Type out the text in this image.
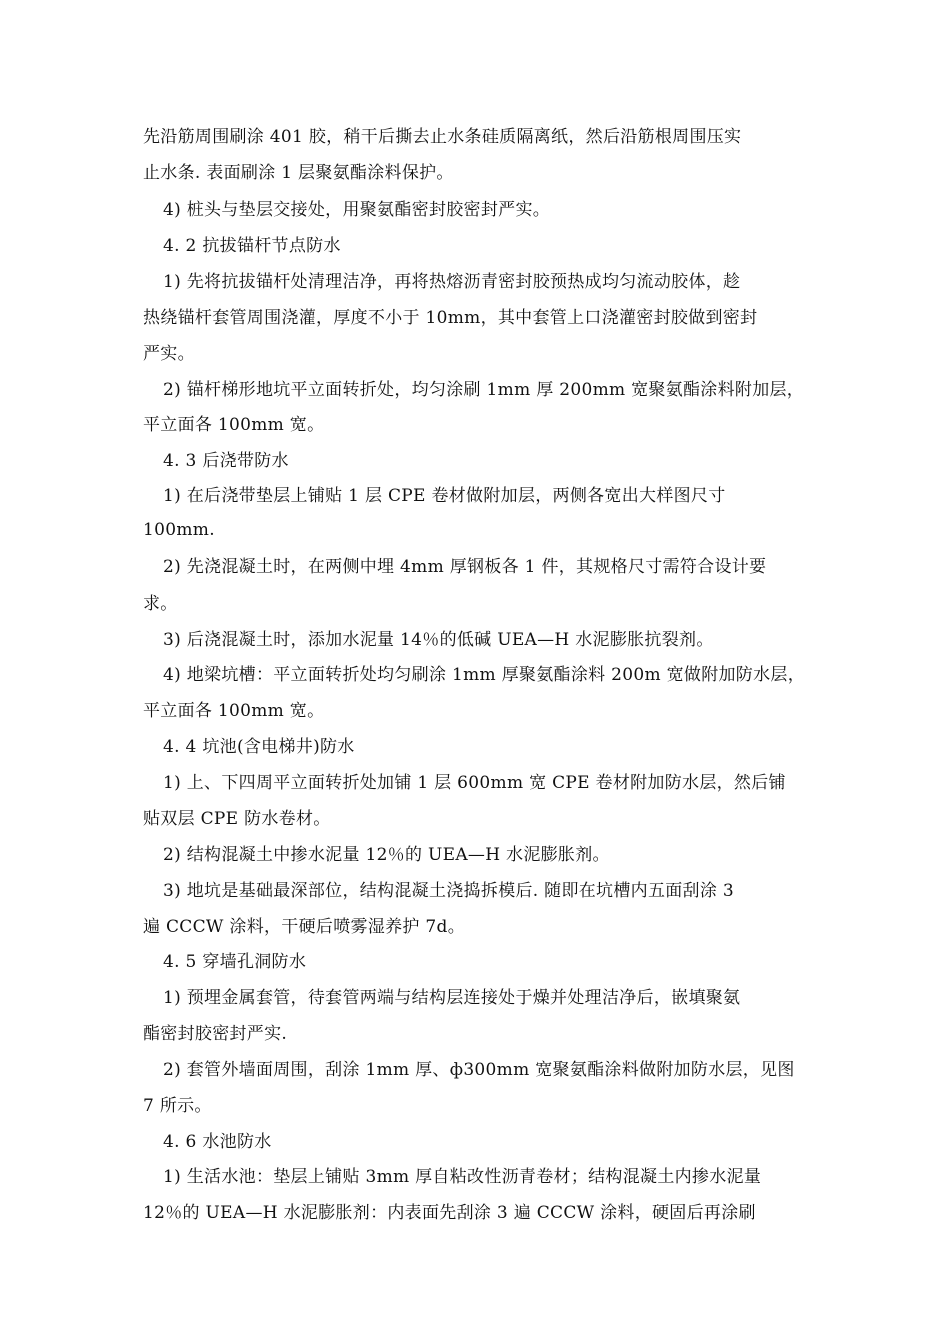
先沿筋周围刷涂 401 胶，稍干后撕去止水条硅质隔离纸，然后沿筋根周围压实
止水条. 表面刷涂 1 层聚氨酯涂料保护。
4) 桩头与垫层交接处，用聚氨酯密封胶密封严实。
4. 2 抗拔锚杆节点防水
1) 先将抗拔锚杆处清理洁净，再将热熔沥青密封胶预热成均匀流动胶体，趁
热绕锚杆套管周围浇灌，厚度不小于 10mm，其中套管上口浇灌密封胶做到密封
严实。
2) 锚杆梯形地坑平立面转折处，均匀涂刷 1mm 厚 200mm 宽聚氨酯涂料附加层，
平立面各 100mm 宽。
4. 3 后浇带防水
1) 在后浇带垫层上铺贴 1 层 CPE 卷材做附加层，两侧各宽出大样图尺寸
100mm.
2) 先浇混凝土时，在两侧中埋 4mm 厚钢板各 1 件，其规格尺寸需符合设计要
求。
3) 后浇混凝土时，添加水泥量 14％的低碱 UEA—H 水泥膨胀抗裂剂。
4) 地梁坑槽：平立面转折处均匀刷涂 1mm 厚聚氨酯涂料 200m 宽做附加防水层，
平立面各 100mm 宽。
4. 4 坑池(含电梯井)防水
1) 上、下四周平立面转折处加铺 1 层 600mm 宽 CPE 卷材附加防水层，然后铺
贴双层 CPE 防水卷材。
2) 结构混凝土中掺水泥量 12％的 UEA—H 水泥膨胀剂。
3) 地坑是基础最深部位，结构混凝土浇捣拆模后. 随即在坑槽内五面刮涂 3
遍 CCCW 涂料，干硬后喷雾湿养护 7d。
4. 5 穿墙孔洞防水
1) 预埋金属套管，待套管两端与结构层连接处于燥并处理洁净后，嵌填聚氨
酯密封胶密封严实.
2) 套管外墙面周围，刮涂 1mm 厚、ф300mm 宽聚氨酯涂料做附加防水层，见图
7 所示。
4. 6 水池防水
1) 生活水池：垫层上铺贴 3mm 厚自粘改性沥青卷材；结构混凝土内掺水泥量
12％的 UEA—H 水泥膨胀剂：内表面先刮涂 3 遍 CCCW 涂料，硬固后再涂刷
